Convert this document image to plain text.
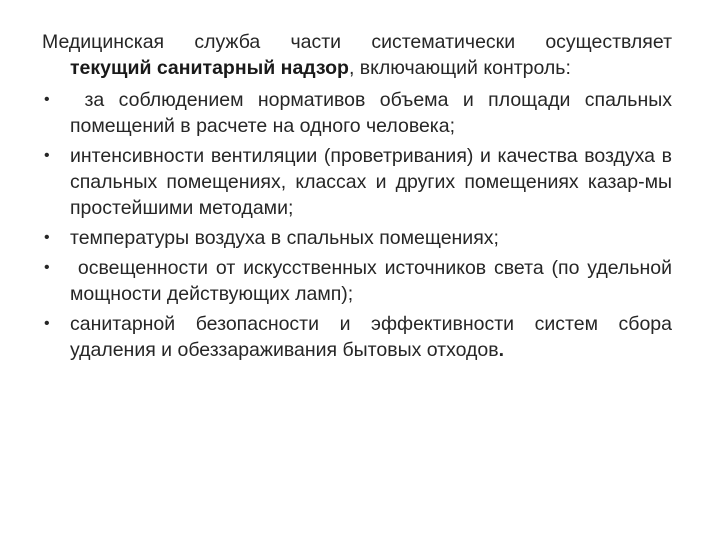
Медицинская служба части систематически осуществляет
текущий санитарный надзор, включающий контроль:

• за соблюдением нормативов объема и площади спальных помещений в расчете на одного человека;
• интенсивности вентиляции (проветривания) и качества воздуха в спальных помещениях, классах и других помещениях казар-мы простейшими методами;
• температуры воздуха в спальных помещениях;
• освещенности от искусственных источников света (по удельной мощности действующих ламп);
• санитарной безопасности и эффективности систем сбора удаления и обеззараживания бытовых отходов.
